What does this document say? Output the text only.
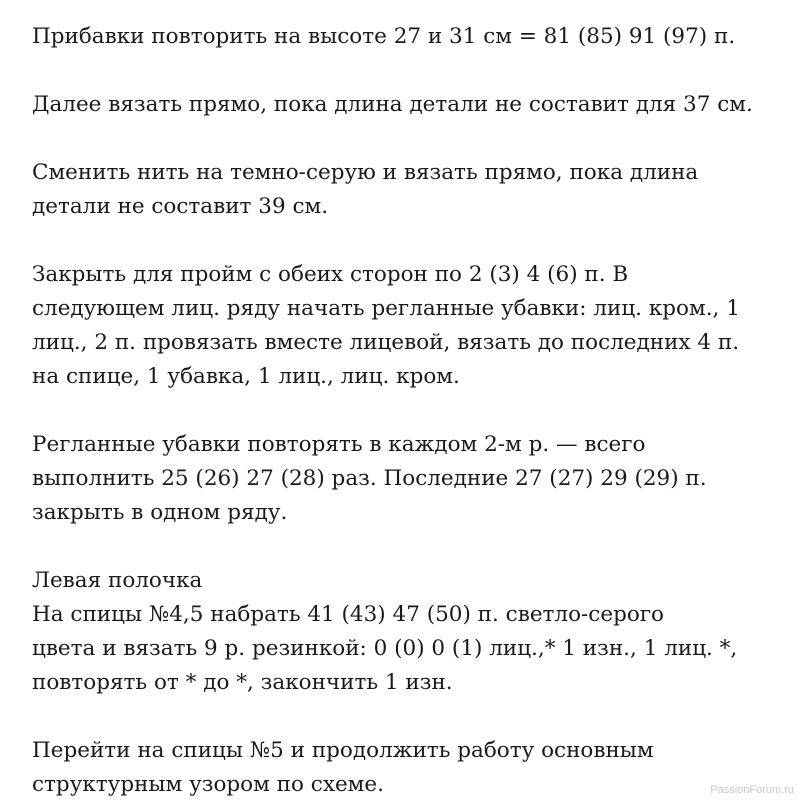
Прибавки повторить на высоте 27 и 31 см = 81 (85) 91 (97) п.

Далее вязать прямо, пока длина детали не составит для 37 см.

Сменить нить на темно-серую и вязать прямо, пока длина
детали не составит 39 см.

Закрыть для пройм с обеих сторон по 2 (3) 4 (6) п. В
следующем лиц. ряду начать регланные убавки: лиц. кром., 1
лиц., 2 п. провязать вместе лицевой, вязать до последних 4 п.
на спице, 1 убавка, 1 лиц., лиц. кром.

Регланные убавки повторять в каждом 2-м р. — всего
выполнить 25 (26) 27 (28) раз. Последние 27 (27) 29 (29) п.
закрыть в одном ряду.

Левая полочка
На спицы №4,5 набрать 41 (43) 47 (50) п. светло-серого
цвета и вязать 9 р. резинкой: 0 (0) 0 (1) лиц.,* 1 изн., 1 лиц. *,
повторять от * до *, закончить 1 изн.

Перейти на спицы №5 и продолжить работу основным
структурным узором по схеме.	PassionForum.ru
